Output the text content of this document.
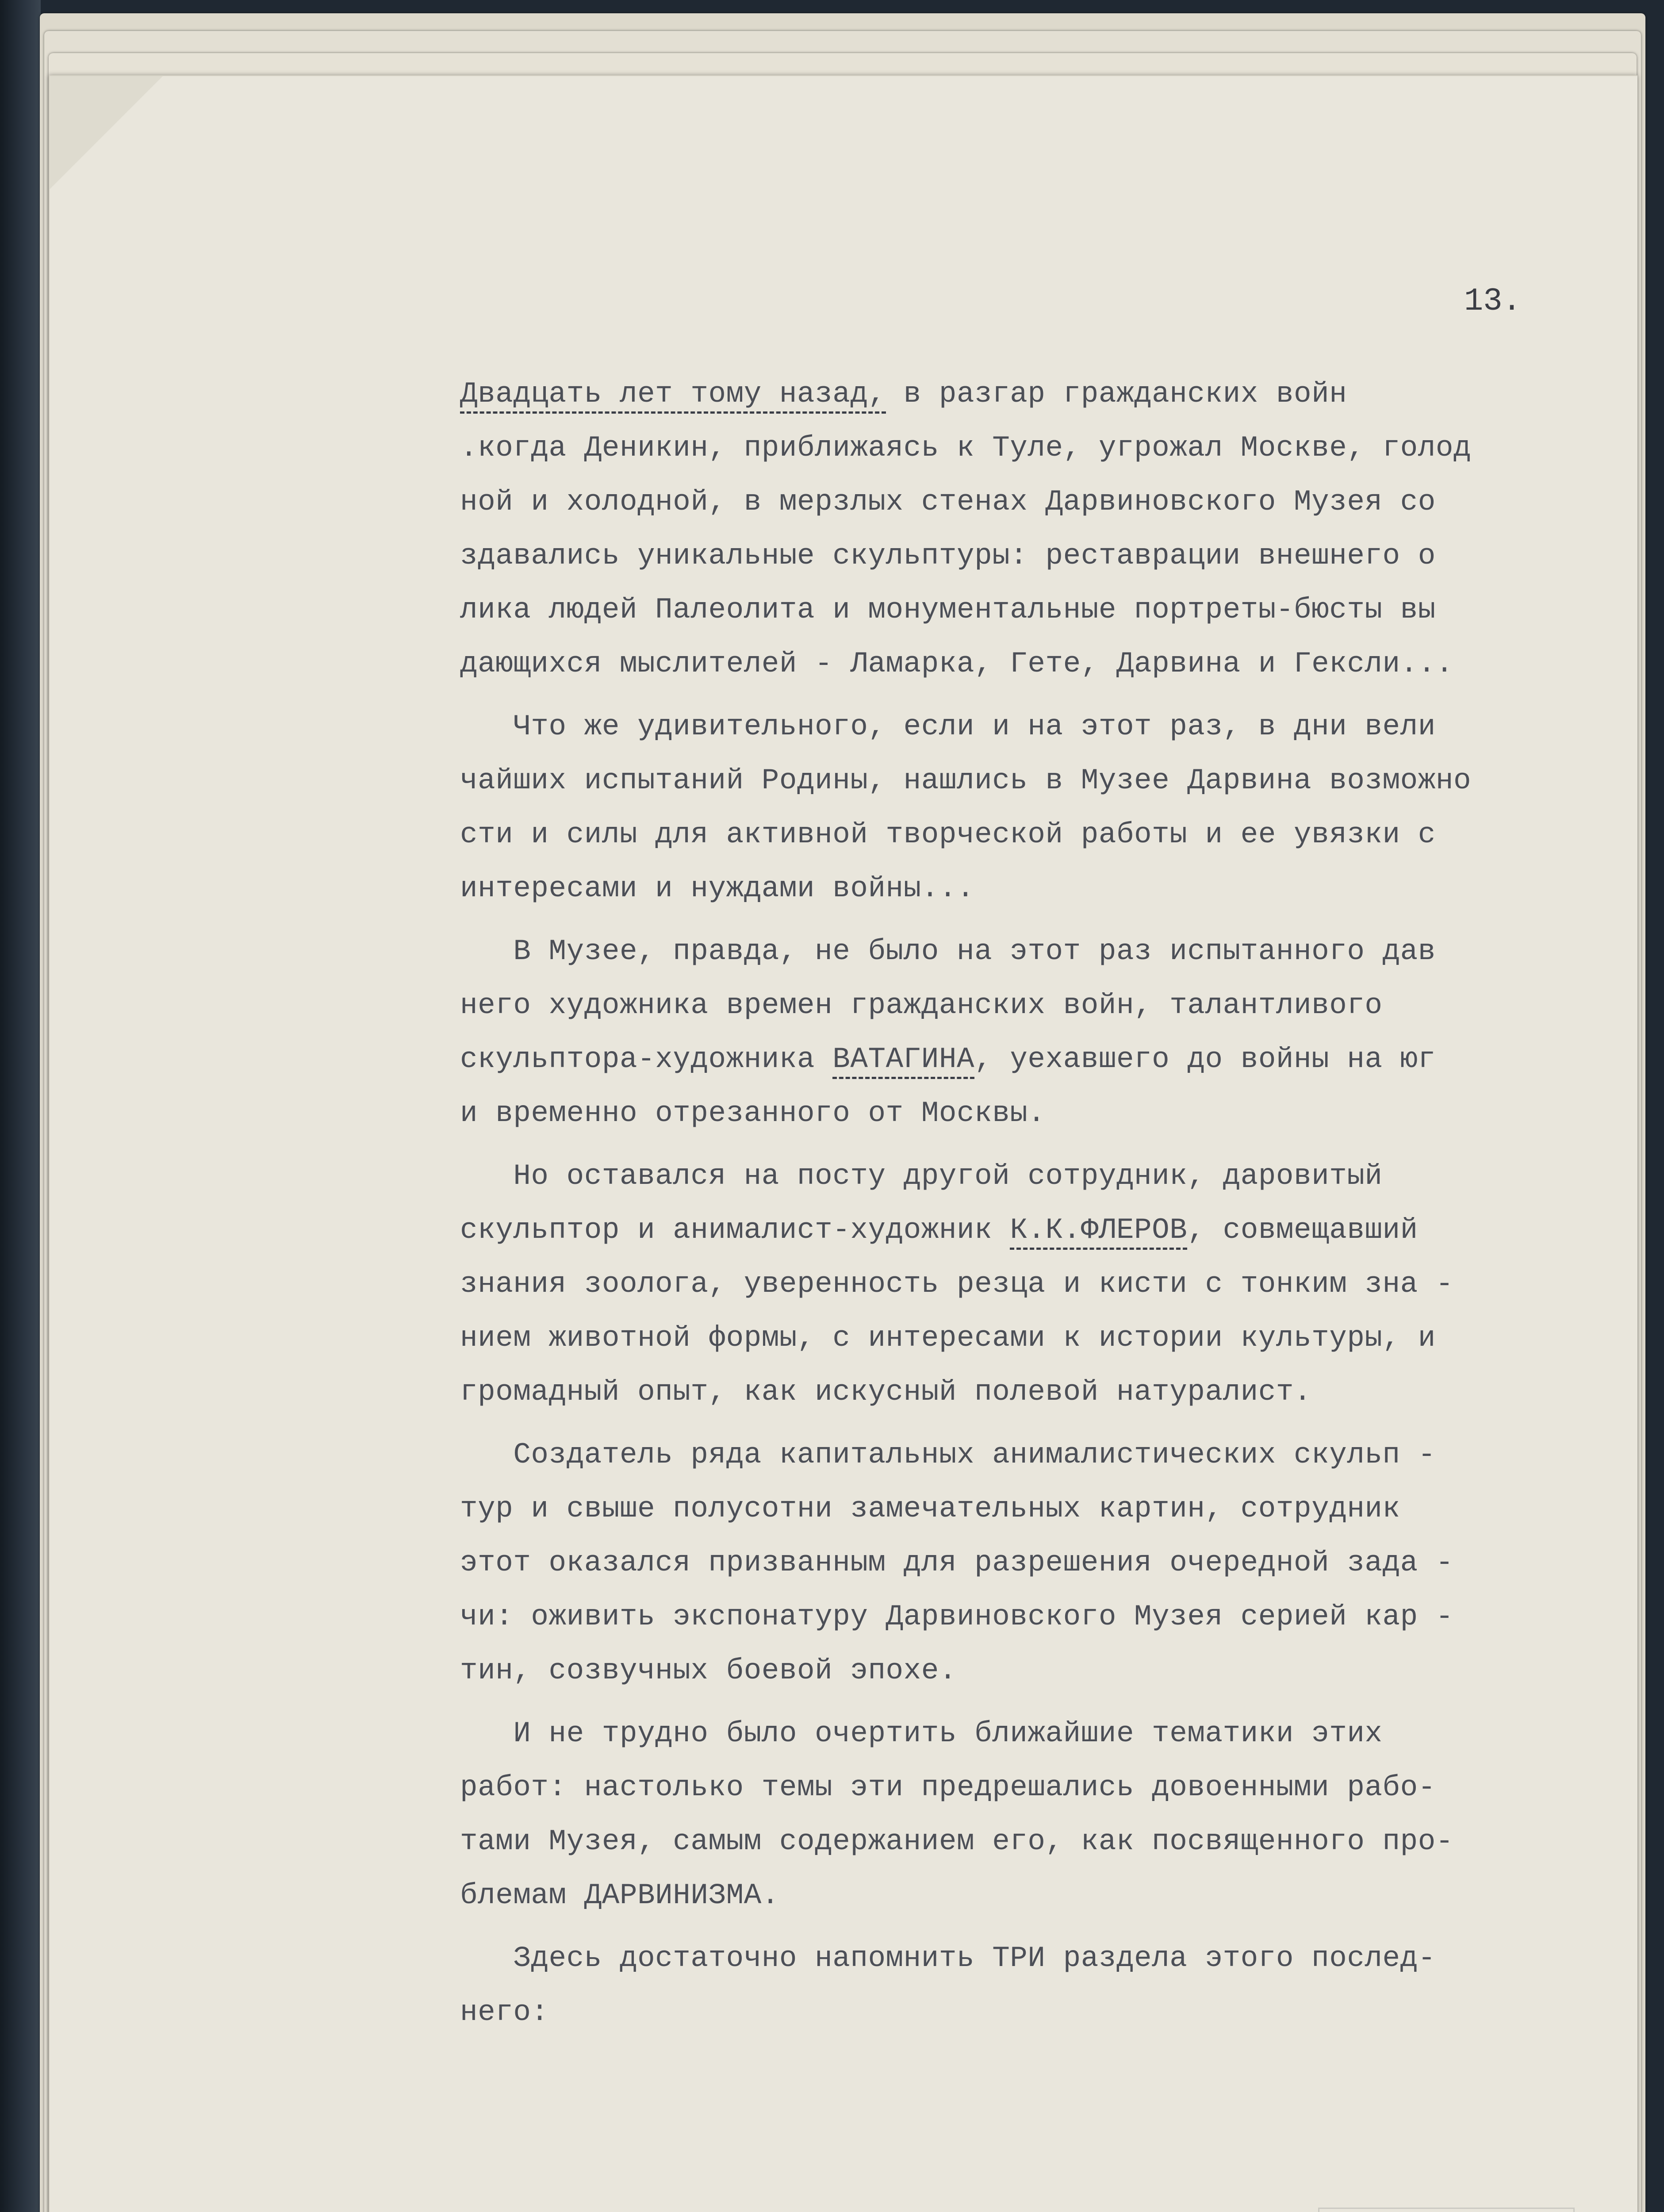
13.
Двадцать лет тому назад, в разгар гражданских войн
.когда Деникин, приближаясь к Туле, угрожал Москве, голод
ной и холодной, в мерзлых стенах Дарвиновского Музея со
здавались уникальные скульптуры: реставрации внешнего о
лика людей Палеолита и монументальные портреты-бюсты вы
дающихся мыслителей - Ламарка, Гете, Дарвина и Гексли...
Что же удивительного, если и на этот раз, в дни вели
чайших испытаний Родины, нашлись в Музее Дарвина возможно
сти и силы для активной творческой работы и ее увязки с
интересами и нуждами войны...
В Музее, правда, не было на этот раз испытанного дав
него художника времен гражданских войн, талантливого
скульптора-художника ВАТАГИНА, уехавшего до войны на юг
и временно отрезанного от Москвы.
Но оставался на посту другой сотрудник, даровитый
скульптор и анималист-художник К.К.ФЛЕРОВ, совмещавший
знания зоолога, уверенность резца и кисти с тонким зна -
нием животной формы, с интересами к истории культуры, и
громадный опыт, как искусный полевой натуралист.
Создатель ряда капитальных анималистических скульп -
тур и свыше полусотни замечательных картин, сотрудник
этот оказался призванным для разрешения очередной зада -
чи: оживить экспонатуру Дарвиновского Музея серией кар -
тин, созвучных боевой эпохе.
И не трудно было очертить ближайшие тематики этих
работ: настолько темы эти предрешались довоенными рабо-
тами Музея, самым содержанием его, как посвященного про-
блемам ДАРВИНИЗМА.
Здесь достаточно напомнить ТРИ раздела этого послед-
него:
